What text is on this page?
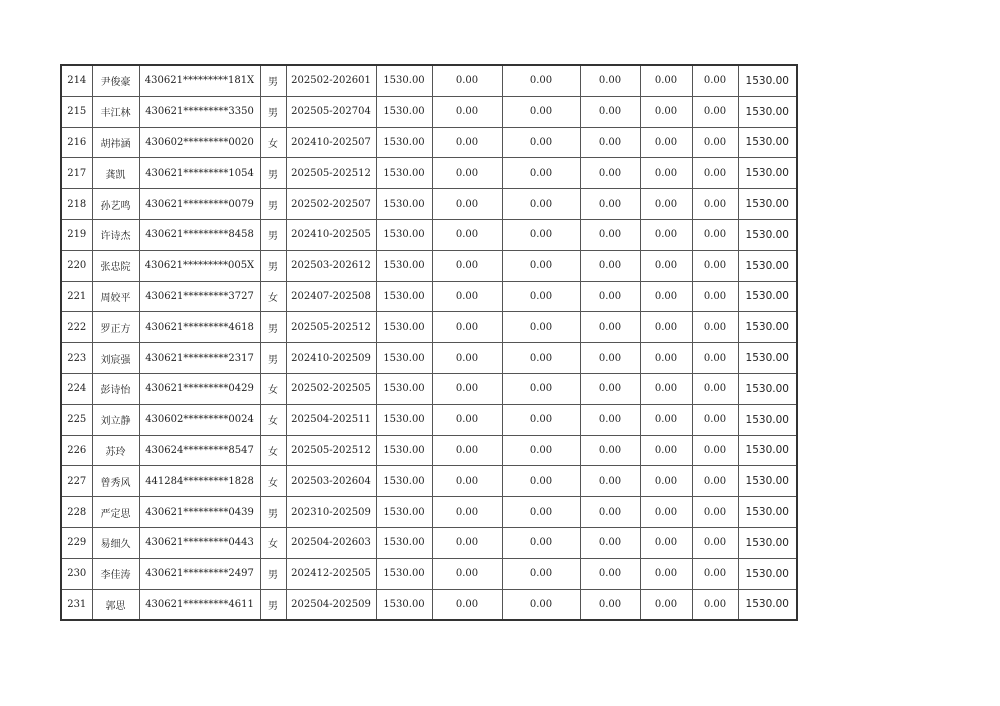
214	尹俊豪	430621*********181X	男	202502-202601	1530.00	0.00	0.00	0.00	0.00	0.00	1530.00
215	丰江林	430621*********3350	男	202505-202704	1530.00	0.00	0.00	0.00	0.00	0.00	1530.00
216	胡祎涵	430602*********0020	女	202410-202507	1530.00	0.00	0.00	0.00	0.00	0.00	1530.00
217	龚凯	430621*********1054	男	202505-202512	1530.00	0.00	0.00	0.00	0.00	0.00	1530.00
218	孙艺鸣	430621*********0079	男	202502-202507	1530.00	0.00	0.00	0.00	0.00	0.00	1530.00
219	许诗杰	430621*********8458	男	202410-202505	1530.00	0.00	0.00	0.00	0.00	0.00	1530.00
220	张忠院	430621*********005X	男	202503-202612	1530.00	0.00	0.00	0.00	0.00	0.00	1530.00
221	周姣平	430621*********3727	女	202407-202508	1530.00	0.00	0.00	0.00	0.00	0.00	1530.00
222	罗正方	430621*********4618	男	202505-202512	1530.00	0.00	0.00	0.00	0.00	0.00	1530.00
223	刘宸强	430621*********2317	男	202410-202509	1530.00	0.00	0.00	0.00	0.00	0.00	1530.00
224	彭诗怡	430621*********0429	女	202502-202505	1530.00	0.00	0.00	0.00	0.00	0.00	1530.00
225	刘立静	430602*********0024	女	202504-202511	1530.00	0.00	0.00	0.00	0.00	0.00	1530.00
226	苏玲	430624*********8547	女	202505-202512	1530.00	0.00	0.00	0.00	0.00	0.00	1530.00
227	曾秀风	441284*********1828	女	202503-202604	1530.00	0.00	0.00	0.00	0.00	0.00	1530.00
228	严定思	430621*********0439	男	202310-202509	1530.00	0.00	0.00	0.00	0.00	0.00	1530.00
229	易细久	430621*********0443	女	202504-202603	1530.00	0.00	0.00	0.00	0.00	0.00	1530.00
230	李佳涛	430621*********2497	男	202412-202505	1530.00	0.00	0.00	0.00	0.00	0.00	1530.00
231	郭思	430621*********4611	男	202504-202509	1530.00	0.00	0.00	0.00	0.00	0.00	1530.00
